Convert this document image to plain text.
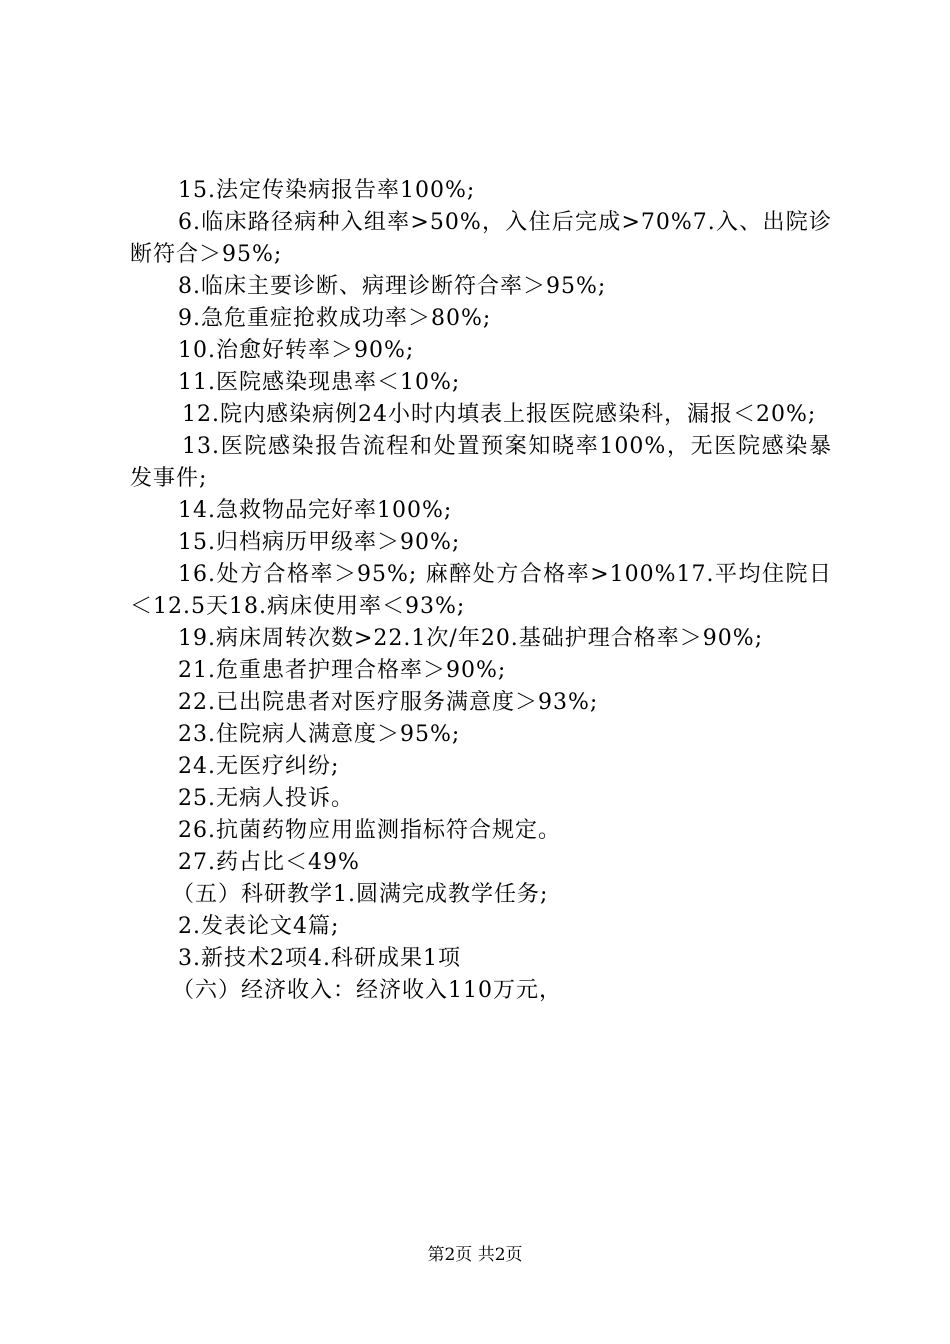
15.法定传染病报告率100%;

6.临床路径病种入组率>50%，入住后完成>70%7.入、出院诊断符合＞95%;

8.临床主要诊断、病理诊断符合率＞95%;

9.急危重症抢救成功率＞80%;

10.治愈好转率＞90%;

11.医院感染现患率＜10%;

12.院内感染病例24小时内填表上报医院感染科，漏报＜20%;

13.医院感染报告流程和处置预案知晓率100%，无医院感染暴发事件;

14.急救物品完好率100%;

15.归档病历甲级率＞90%;

16.处方合格率＞95%; 麻醉处方合格率>100%17.平均住院日＜12.5天18.病床使用率＜93%;

19.病床周转次数>22.1次/年20.基础护理合格率＞90%;

21.危重患者护理合格率＞90%;

22.已出院患者对医疗服务满意度＞93%;

23.住院病人满意度＞95%;

24.无医疗纠纷;

25.无病人投诉。

26.抗菌药物应用监测指标符合规定。

27.药占比＜49%

（五）科研教学1.圆满完成教学任务;

2.发表论文4篇;

3.新技术2项4.科研成果1项

（六）经济收入：经济收入110万元，

第2页 共2页
